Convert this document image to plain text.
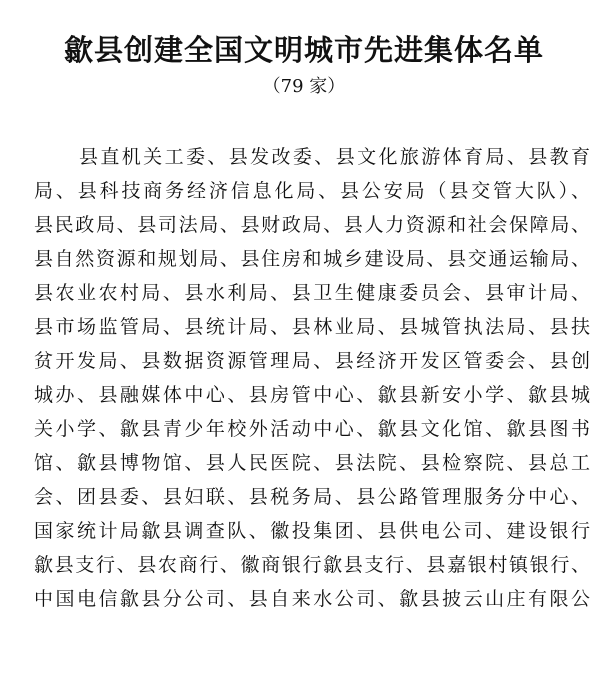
歙县创建全国文明城市先进集体名单
（79 家）
县直机关工委、县发改委、县文化旅游体育局、县教育
局、县科技商务经济信息化局、县公安局（县交管大队）、
县民政局、县司法局、县财政局、县人力资源和社会保障局、
县自然资源和规划局、县住房和城乡建设局、县交通运输局、
县农业农村局、县水利局、县卫生健康委员会、县审计局、
县市场监管局、县统计局、县林业局、县城管执法局、县扶
贫开发局、县数据资源管理局、县经济开发区管委会、县创
城办、县融媒体中心、县房管中心、歙县新安小学、歙县城
关小学、歙县青少年校外活动中心、歙县文化馆、歙县图书
馆、歙县博物馆、县人民医院、县法院、县检察院、县总工
会、团县委、县妇联、县税务局、县公路管理服务分中心、
国家统计局歙县调查队、徽投集团、县供电公司、建设银行
歙县支行、县农商行、徽商银行歙县支行、县嘉银村镇银行、
中国电信歙县分公司、县自来水公司、歙县披云山庄有限公
